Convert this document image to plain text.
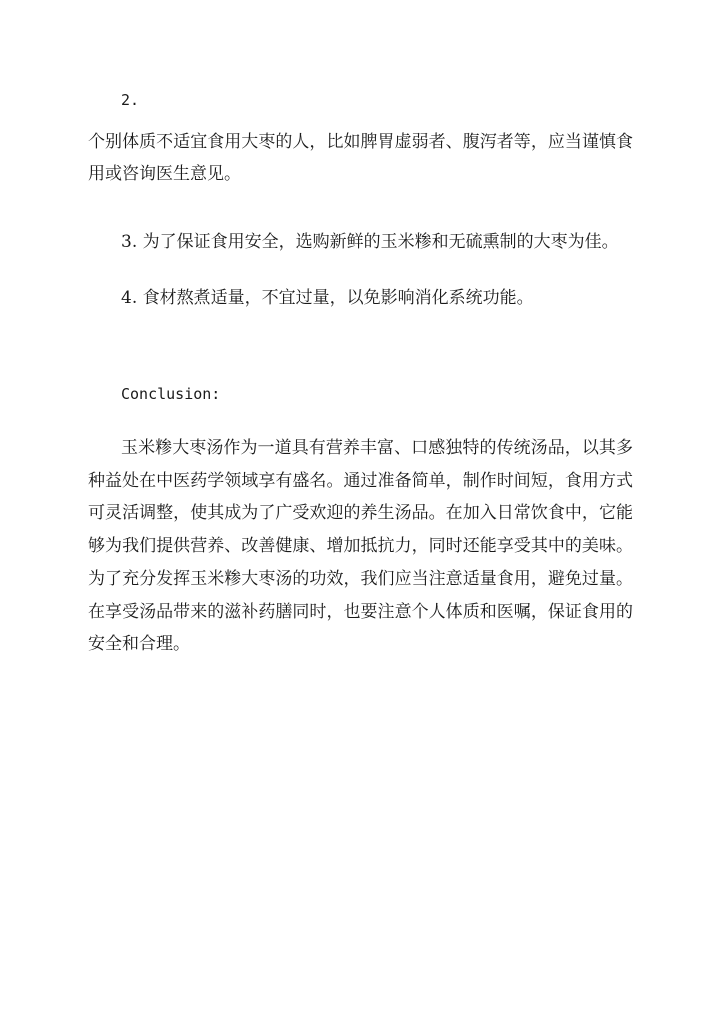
2.

个别体质不适宜食用大枣的人，比如脾胃虚弱者、腹泻者等，应当谨慎食用或咨询医生意见。

3. 为了保证食用安全，选购新鲜的玉米糁和无硫熏制的大枣为佳。

4. 食材熬煮适量，不宜过量，以免影响消化系统功能。

Conclusion:

玉米糁大枣汤作为一道具有营养丰富、口感独特的传统汤品，以其多种益处在中医药学领域享有盛名。通过准备简单，制作时间短，食用方式可灵活调整，使其成为了广受欢迎的养生汤品。在加入日常饮食中，它能够为我们提供营养、改善健康、增加抵抗力，同时还能享受其中的美味。为了充分发挥玉米糁大枣汤的功效，我们应当注意适量食用，避免过量。在享受汤品带来的滋补药膳同时，也要注意个人体质和医嘱，保证食用的安全和合理。
